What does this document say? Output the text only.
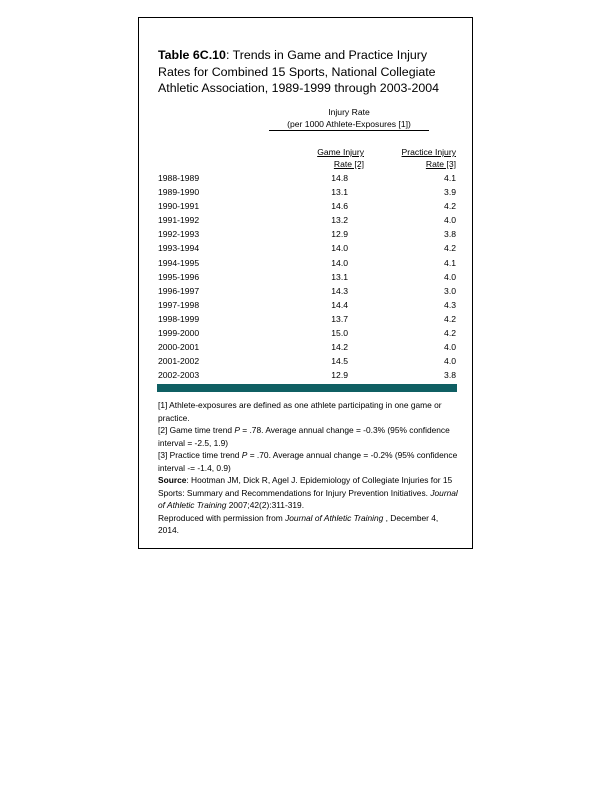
Table 6C.10: Trends in Game and Practice Injury Rates for Combined 15 Sports, National Collegiate Athletic Association, 1989-1999 through 2003-2004
Injury Rate
(per 1000 Athlete-Exposures [1])
Game Injury
Rate [2]
Practice Injury
Rate [3]
1988-1989	14.8	4.1
1989-1990	13.1	3.9
1990-1991	14.6	4.2
1991-1992	13.2	4.0
1992-1993	12.9	3.8
1993-1994	14.0	4.2
1994-1995	14.0	4.1
1995-1996	13.1	4.0
1996-1997	14.3	3.0
1997-1998	14.4	4.3
1998-1999	13.7	4.2
1999-2000	15.0	4.2
2000-2001	14.2	4.0
2001-2002	14.5	4.0
2002-2003	12.9	3.8

[1] Athlete-exposures are defined as one athlete participating in one game or practice.

[2] Game time trend P = .78. Average annual change = -0.3% (95% confidence interval = -2.5, 1.9)

[3] Practice time trend P = .70. Average annual change = -0.2% (95% confidence interval -= -1.4, 0.9)

Source: Hootman JM, Dick R, Agel J. Epidemiology of Collegiate Injuries for 15 Sports: Summary and Recommendations for Injury Prevention Initiatives. Journal of Athletic Training 2007;42(2):311-319.

Reproduced with permission from Journal of Athletic Training , December 4, 2014.
